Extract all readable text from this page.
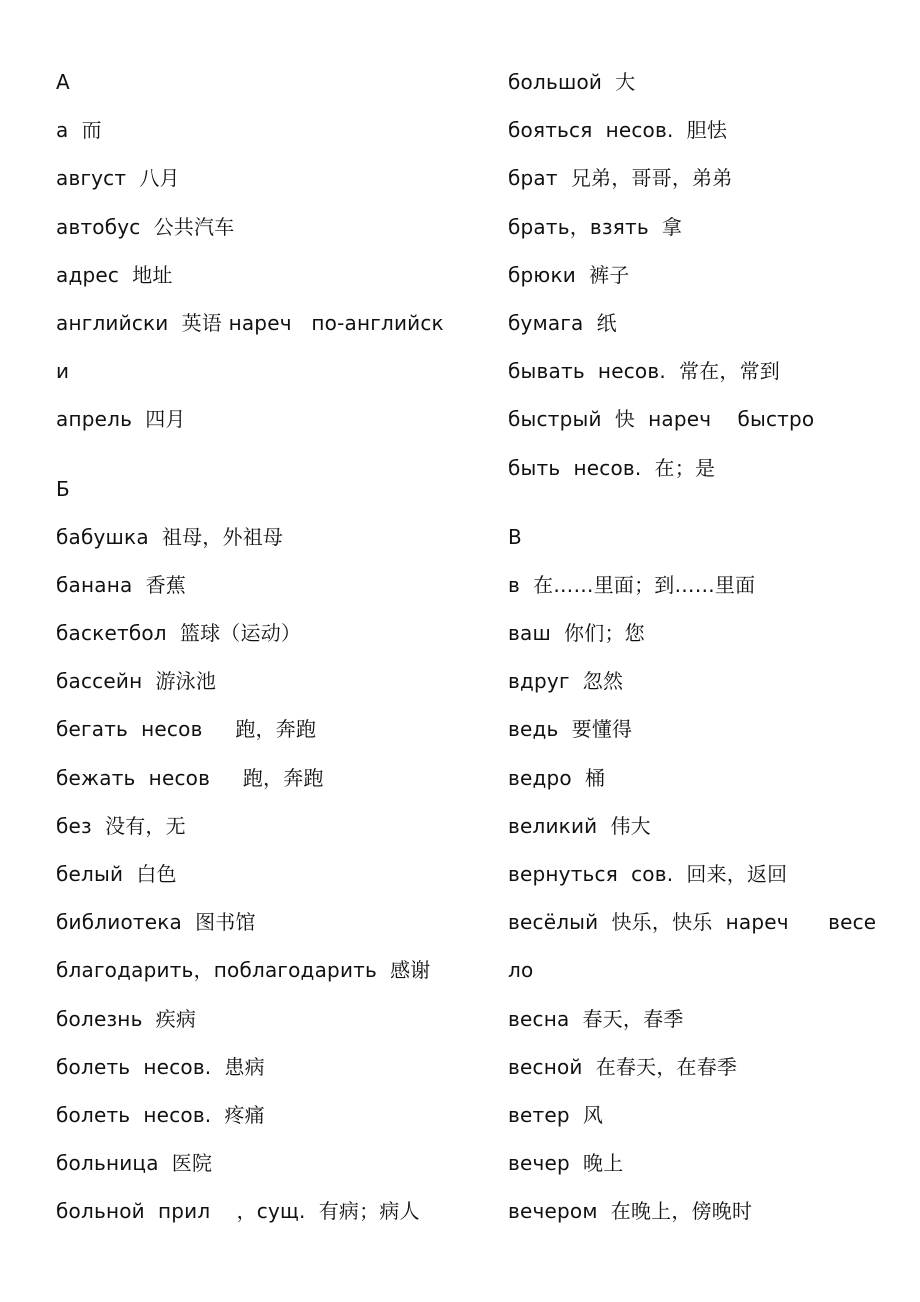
А
а  而
август  八月
автобус  公共汽车
адрес  地址
английски  英语 нареч   по-английск
и
апрель  四月
Б
бабушка  祖母，外祖母
банана  香蕉
баскетбол  篮球（运动）
бассейн  游泳池
бегать  несов     跑，奔跑
бежать  несов     跑，奔跑
без  没有，无
белый  白色
библиотека  图书馆
благодарить，поблагодарить  感谢
болезнь  疾病
болеть  несов.  患病
болеть  несов.  疼痛
больница  医院
больной  прил    ，сущ.  有病；病人
большой  大
бояться  несов.  胆怯
брат  兄弟，哥哥，弟弟
брать，взять  拿
брюки  裤子
бумага  纸
бывать  несов.  常在，常到
быстрый  快  нареч    быстро
быть  несов.  在；是
В
в  在……里面；到……里面
ваш  你们；您
вдруг  忽然
ведь  要懂得
ведро  桶
великий  伟大
вернуться  сов.  回来，返回
весёлый  快乐，快乐  нареч      весе
ло
весна  春天，春季
весной  在春天，在春季
ветер  风
вечер  晚上
вечером  在晚上，傍晚时
